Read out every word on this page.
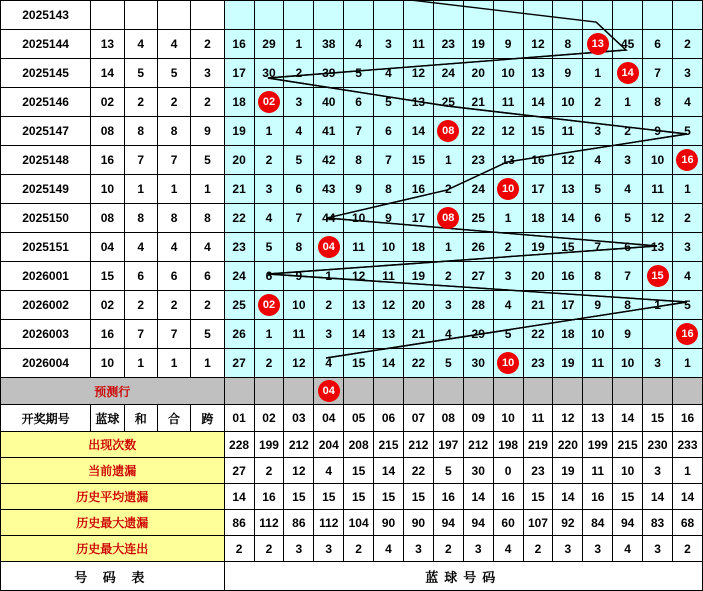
2025143																				
2025144	13	4	4	2	16	29	1	38	4	3	11	23	19	9	12	8	13	45	6	2
2025145	14	5	5	3	17	30	2	39	5	4	12	24	20	10	13	9	1	14	7	3
2025146	02	2	2	2	18	02	3	40	6	5	13	25	21	11	14	10	2	1	8	4
2025147	08	8	8	9	19	1	4	41	7	6	14	08	22	12	15	11	3	2	9	5
2025148	16	7	7	5	20	2	5	42	8	7	15	1	23	13	16	12	4	3	10	16

2025149	10	1	1	1	21	3	6	43	9	8	16	2	24	10	17	13	5	4	11	1
2025150	08	8	8	8	22	4	7	44	10	9	17	08	25	1	18	14	6	5	12	2
2025151	04	4	4	4	23	5	8	04	11	10	18	1	26	2	19	15	7	6	13	3
2026001	15	6	6	6	24	6	9	1	12	11	19	2	27	3	20	16	8	7	15	4
2026002	02	2	2	2	25	02	10	2	13	12	20	3	28	4	21	17	9	8	1	5
2026003	16	7	7	5	26	1	11	3	14	13	21	4	29	5	22	18	10	9		16

2026004	10	1	1	1	27	2	12	4	15	14	22	5	30	10	23	19	11	10	3	1
预测行								04												

开奖期号	蓝球	和	合	跨	01	02	03	04	05	06	07	08	09	10	11	12	13	14	15	16
出现次数					228	199	212	204	208	215	212	197	212	198	219	220	199	215	230	233
当前遗漏					27	2	12	4	15	14	22	5	30	0	23	19	11	10	3	1
历史平均遗漏					14	16	15	15	15	15	15	16	14	16	15	14	16	15	14	14
历史最大遗漏					86	112	86	112	104	90	90	94	94	60	107	92	84	94	83	68
历史最大连出					2	2	3	3	2	4	3	2	3	4	2	3	3	4	3	2
号 码 表					蓝球号码															
